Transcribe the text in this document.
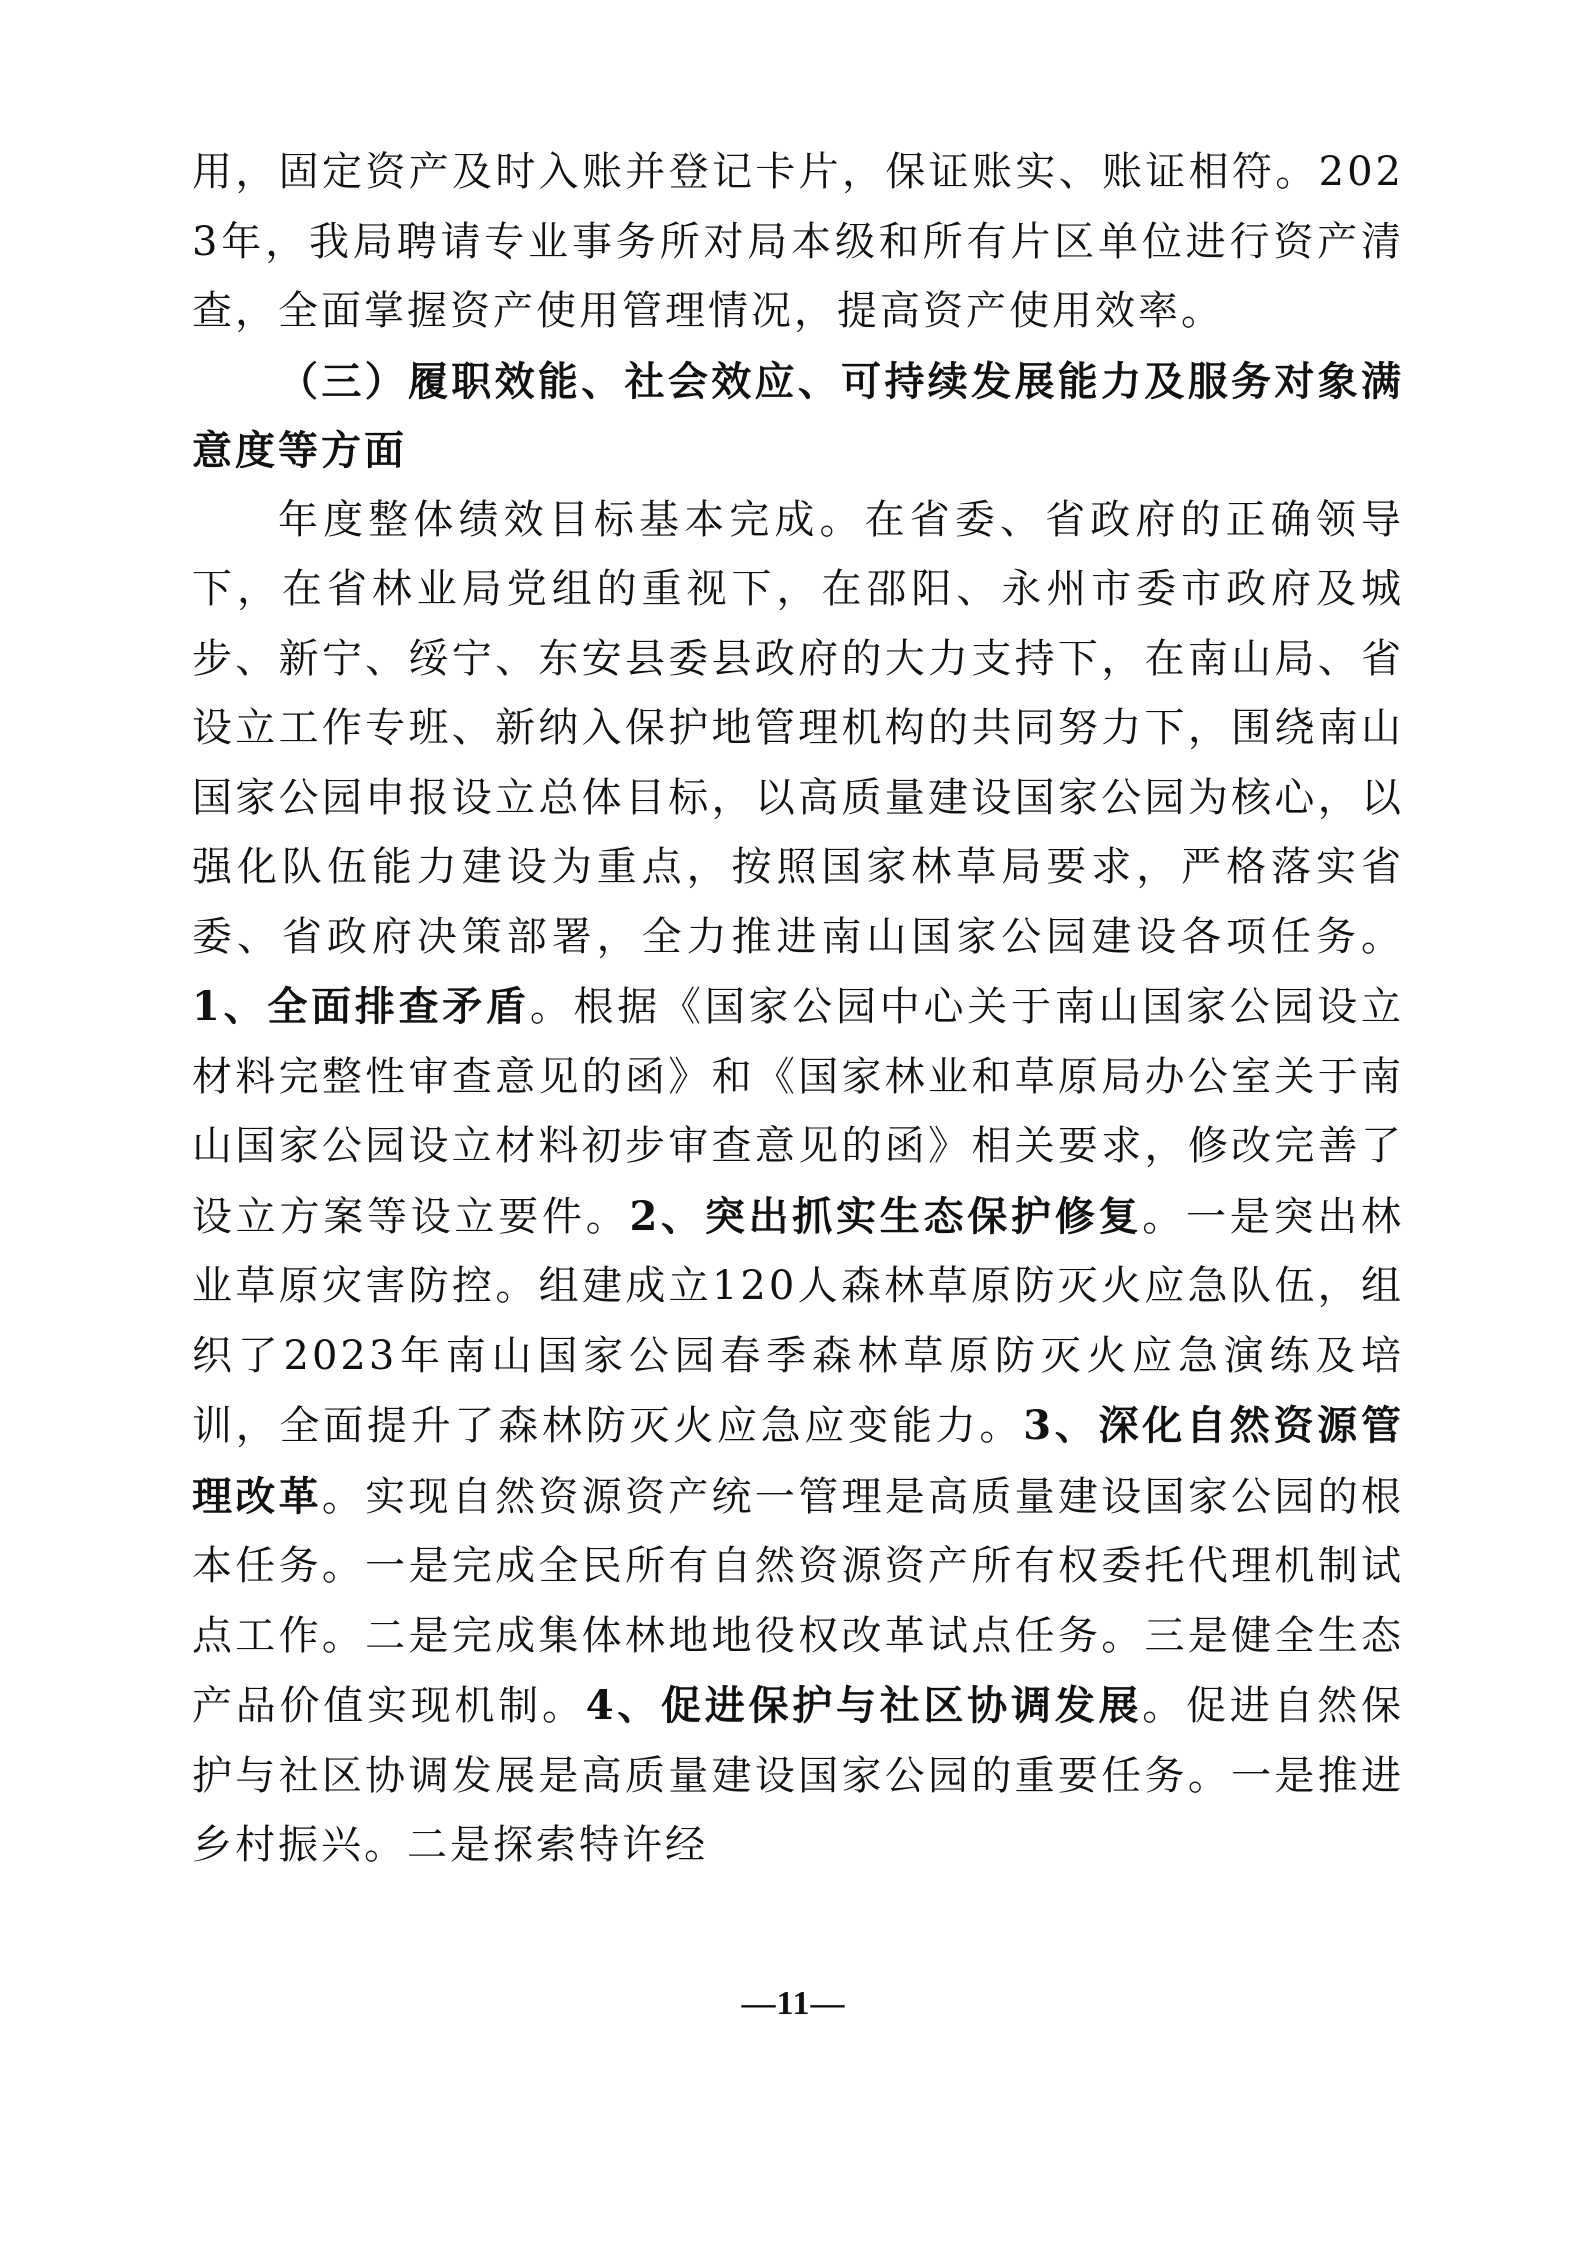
用，固定资产及时入账并登记卡片，保证账实、账证相符。2023年，我局聘请专业事务所对局本级和所有片区单位进行资产清查，全面掌握资产使用管理情况，提高资产使用效率。

（三）履职效能、社会效应、可持续发展能力及服务对象满意度等方面

年度整体绩效目标基本完成。在省委、省政府的正确领导下，在省林业局党组的重视下，在邵阳、永州市委市政府及城步、新宁、绥宁、东安县委县政府的大力支持下，在南山局、省设立工作专班、新纳入保护地管理机构的共同努力下，围绕南山国家公园申报设立总体目标，以高质量建设国家公园为核心，以强化队伍能力建设为重点，按照国家林草局要求，严格落实省委、省政府决策部署，全力推进南山国家公园建设各项任务。1、全面排查矛盾。根据《国家公园中心关于南山国家公园设立材料完整性审查意见的函》和《国家林业和草原局办公室关于南山国家公园设立材料初步审查意见的函》相关要求，修改完善了设立方案等设立要件。2、突出抓实生态保护修复。一是突出林业草原灾害防控。组建成立120人森林草原防灭火应急队伍，组织了2023年南山国家公园春季森林草原防灭火应急演练及培训，全面提升了森林防灭火应急应变能力。3、深化自然资源管理改革。实现自然资源资产统一管理是高质量建设国家公园的根本任务。一是完成全民所有自然资源资产所有权委托代理机制试点工作。二是完成集体林地地役权改革试点任务。三是健全生态产品价值实现机制。4、促进保护与社区协调发展。促进自然保护与社区协调发展是高质量建设国家公园的重要任务。一是推进乡村振兴。二是探索特许经

—11—
